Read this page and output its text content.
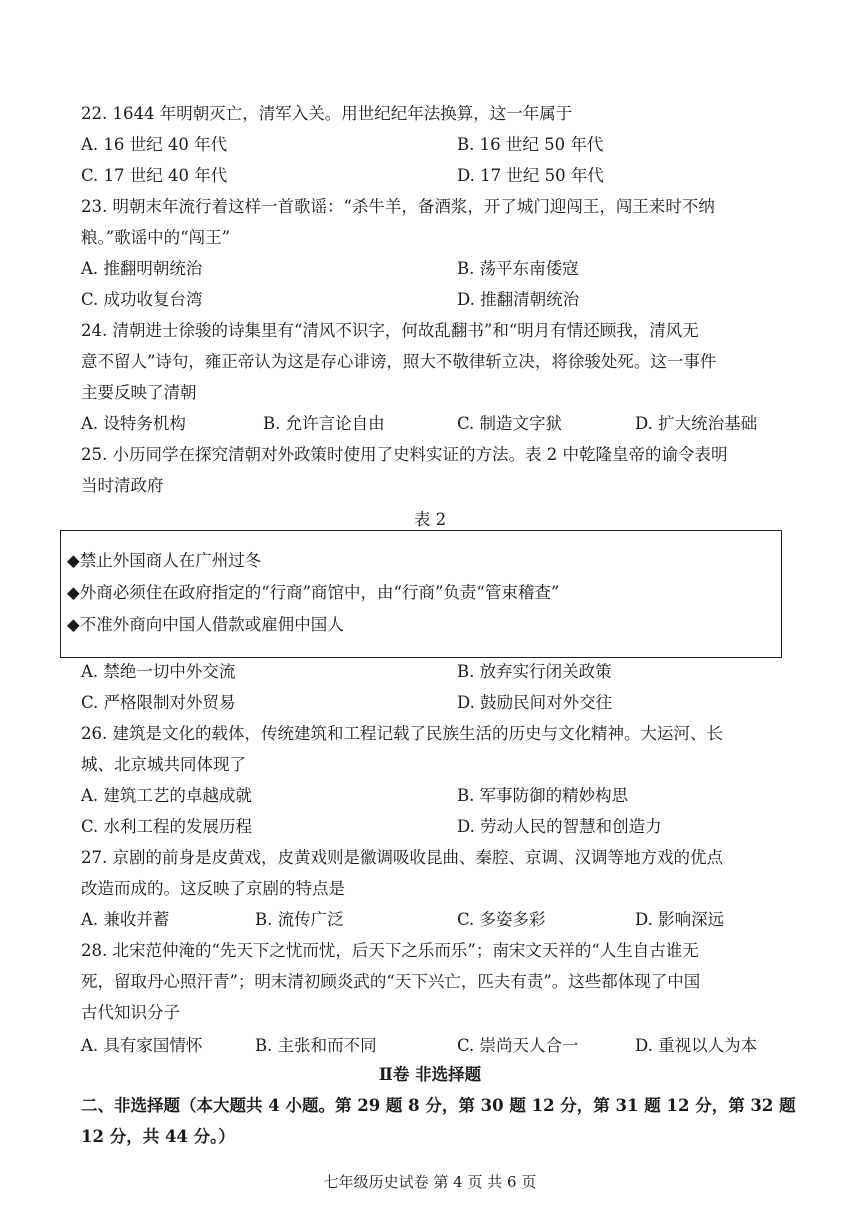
22. 1644 年明朝灭亡，清军入关。用世纪纪年法换算，这一年属于
A. 16 世纪 40 年代	B. 16 世纪 50 年代
C. 17 世纪 40 年代	D. 17 世纪 50 年代
23. 明朝末年流行着这样一首歌谣：“杀牛羊，备酒浆，开了城门迎闯王，闯王来时不纳
粮。”歌谣中的“闯王”
A. 推翻明朝统治	B. 荡平东南倭寇
C. 成功收复台湾	D. 推翻清朝统治
24. 清朝进士徐骏的诗集里有“清风不识字，何故乱翻书”和“明月有情还顾我，清风无
意不留人”诗句，雍正帝认为这是存心诽谤，照大不敬律斩立决，将徐骏处死。这一事件
主要反映了清朝
A. 设特务机构	B. 允许言论自由	C. 制造文字狱	D. 扩大统治基础
25. 小历同学在探究清朝对外政策时使用了史料实证的方法。表 2 中乾隆皇帝的谕令表明
当时清政府
表 2
◆禁止外国商人在广州过冬
◆外商必须住在政府指定的“行商”商馆中，由“行商”负责“管束稽查”
◆不准外商向中国人借款或雇佣中国人
A. 禁绝一切中外交流	B. 放弃实行闭关政策
C. 严格限制对外贸易	D. 鼓励民间对外交往
26. 建筑是文化的载体，传统建筑和工程记载了民族生活的历史与文化精神。大运河、长
城、北京城共同体现了
A. 建筑工艺的卓越成就	B. 军事防御的精妙构思
C. 水利工程的发展历程	D. 劳动人民的智慧和创造力
27. 京剧的前身是皮黄戏，皮黄戏则是徽调吸收昆曲、秦腔、京调、汉调等地方戏的优点
改造而成的。这反映了京剧的特点是
A. 兼收并蓄	B. 流传广泛	C. 多姿多彩	D. 影响深远
28. 北宋范仲淹的“先天下之忧而忧，后天下之乐而乐”；南宋文天祥的“人生自古谁无
死，留取丹心照汗青”；明末清初顾炎武的“天下兴亡，匹夫有责”。这些都体现了中国
古代知识分子
A. 具有家国情怀	B. 主张和而不同	C. 崇尚天人合一	D. 重视以人为本
Ⅱ卷 非选择题
二、非选择题（本大题共 4 小题。第 29 题 8 分，第 30 题 12 分，第 31 题 12 分，第 32 题
12 分，共 44 分。）
七年级历史试卷 第 4 页 共 6 页
